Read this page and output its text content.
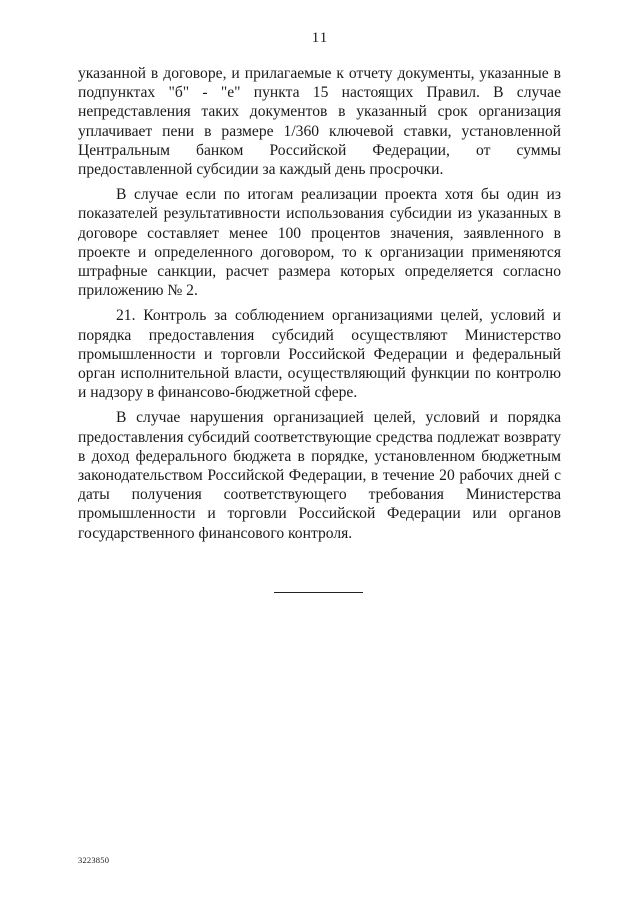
11

указанной в договоре, и прилагаемые к отчету документы, указанные в подпунктах "б" - "е" пункта 15 настоящих Правил. В случае непредставления таких документов в указанный срок организация уплачивает пени в размере 1/360 ключевой ставки, установленной Центральным банком Российской Федерации, от суммы предоставленной субсидии за каждый день просрочки.

В случае если по итогам реализации проекта хотя бы один из показателей результативности использования субсидии из указанных в договоре составляет менее 100 процентов значения, заявленного в проекте и определенного договором, то к организации применяются штрафные санкции, расчет размера которых определяется согласно приложению № 2.

21. Контроль за соблюдением организациями целей, условий и порядка предоставления субсидий осуществляют Министерство промышленности и торговли Российской Федерации и федеральный орган исполнительной власти, осуществляющий функции по контролю и надзору в финансово-бюджетной сфере.

В случае нарушения организацией целей, условий и порядка предоставления субсидий соответствующие средства подлежат возврату в доход федерального бюджета в порядке, установленном бюджетным законодательством Российской Федерации, в течение 20 рабочих дней с даты получения соответствующего требования Министерства промышленности и торговли Российской Федерации или органов государственного финансового контроля.

3223850
